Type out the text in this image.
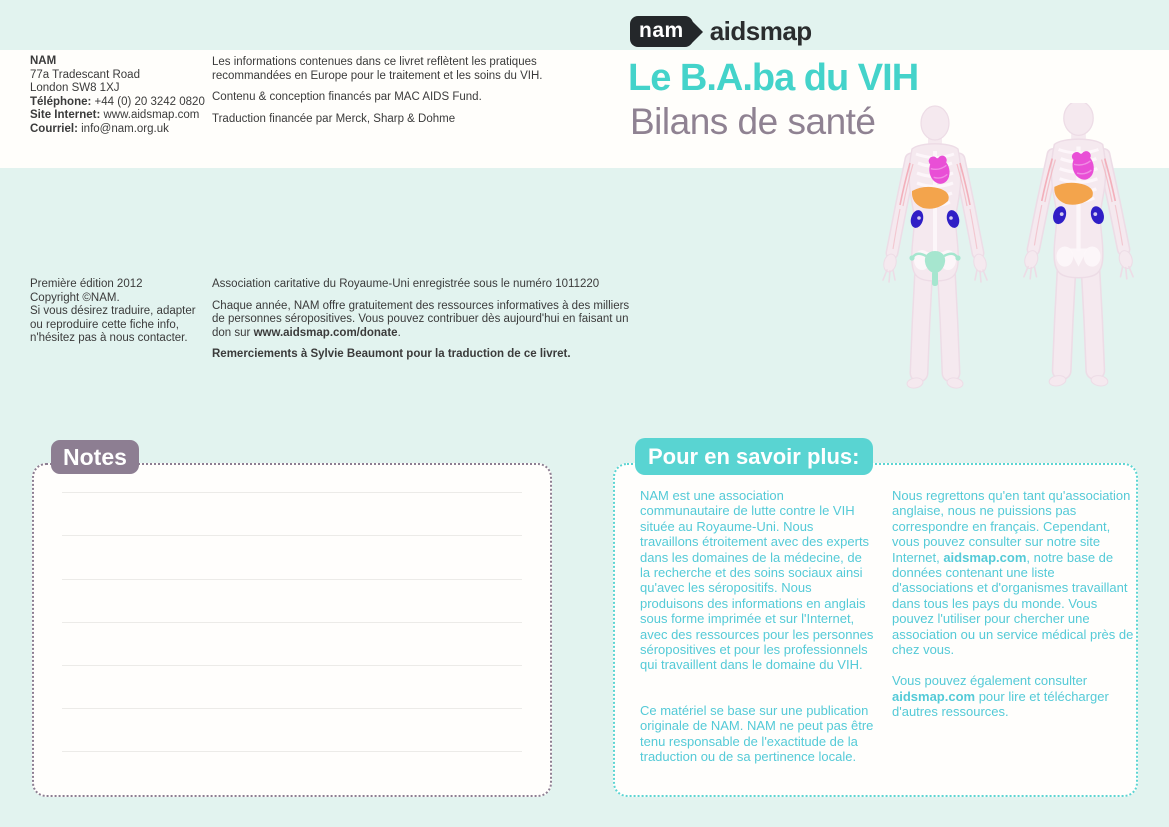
NAM
77a Tradescant Road
London SW8 1XJ
Téléphone: +44 (0) 20 3242 0820
Site Internet: www.aidsmap.com
Courriel: info@nam.org.uk

Les informations contenues dans ce livret reflètent les pratiques recommandées en Europe pour le traitement et les soins du VIH.

Contenu & conception financés par MAC AIDS Fund.

Traduction financée par Merck, Sharp & Dohme

nam	aidsmap
Le B.A.ba du VIH
Bilans de santé
Première édition 2012
Copyright ©NAM.
Si vous désirez traduire, adapter
ou reproduire cette fiche info,
n'hésitez pas à nous contacter.

Association caritative du Royaume-Uni enregistrée sous le numéro 1011220

Chaque année, NAM offre gratuitement des ressources informatives à des milliers de personnes séropositives. Vous pouvez contribuer dès aujourd'hui en faisant un don sur www.aidsmap.com/donate.

Remerciements à Sylvie Beaumont pour la traduction de ce livret.

Notes	Pour en savoir plus:

NAM est une association communautaire de lutte contre le VIH située au Royaume-Uni. Nous travaillons étroitement avec des experts dans les domaines de la médecine, de la recherche et des soins sociaux ainsi qu'avec les séropositifs. Nous produisons des informations en anglais sous forme imprimée et sur l'Internet, avec des ressources pour les personnes séropositives et pour les professionnels qui travaillent dans le domaine du VIH.

Ce matériel se base sur une publication originale de NAM. NAM ne peut pas être tenu responsable de l'exactitude de la traduction ou de sa pertinence locale.

Nous regrettons qu'en tant qu'association anglaise, nous ne puissions pas correspondre en français. Cependant, vous pouvez consulter sur notre site Internet, aidsmap.com, notre base de données contenant une liste d'associations et d'organismes travaillant dans tous les pays du monde. Vous pouvez l'utiliser pour chercher une association ou un service médical près de chez vous.

Vous pouvez également consulter aidsmap.com pour lire et télécharger d'autres ressources.
